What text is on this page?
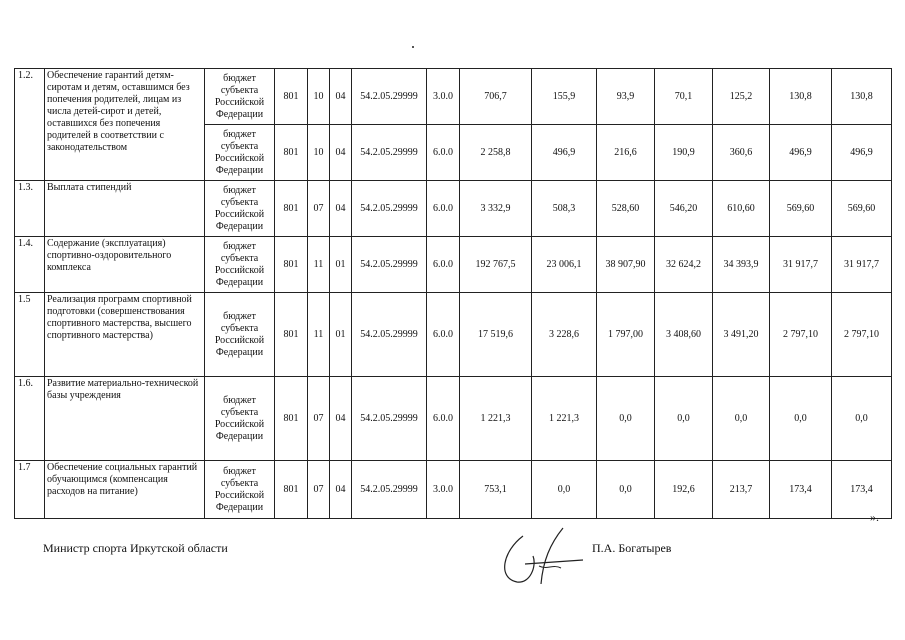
1.2.	Обеспечение гарантий детям-сиротам и детям, оставшимся без попечения родителей, лицам из числа детей-сирот и детей, оставшихся без попечения родителей в соответствии с законодательством	бюджет субъекта Российской Федерации	801	10	04	54.2.05.29999	3.0.0	706,7	155,9	93,9	70,1	125,2	130,8	130,8
		бюджет субъекта Российской Федерации	801	10	04	54.2.05.29999	6.0.0	2 258,8	496,9	216,6	190,9	360,6	496,9	496,9
1.3.	Выплата стипендий	бюджет субъекта Российской Федерации	801	07	04	54.2.05.29999	6.0.0	3 332,9	508,3	528,60	546,20	610,60	569,60	569,60
1.4.	Содержание (эксплуатация) спортивно-оздоровительного комплекса	бюджет субъекта Российской Федерации	801	11	01	54.2.05.29999	6.0.0	192 767,5	23 006,1	38 907,90	32 624,2	34 393,9	31 917,7	31 917,7
1.5	Реализация программ спортивной подготовки (совершенствования спортивного мастерства, высшего спортивного мастерства)	бюджет субъекта Российской Федерации	801	11	01	54.2.05.29999	6.0.0	17 519,6	3 228,6	1 797,00	3 408,60	3 491,20	2 797,10	2 797,10
1.6.	Развитие материально-технической базы учреждения	бюджет субъекта Российской Федерации	801	07	04	54.2.05.29999	6.0.0	1 221,3	1 221,3	0,0	0,0	0,0	0,0	0,0
1.7	Обеспечение социальных гарантий обучающимся (компенсация расходов на питание)	бюджет субъекта Российской Федерации	801	07	04	54.2.05.29999	3.0.0	753,1	0,0	0,0	192,6	213,7	173,4	173,4
Министр спорта Иркутской области	П.А. Богатырев
».
